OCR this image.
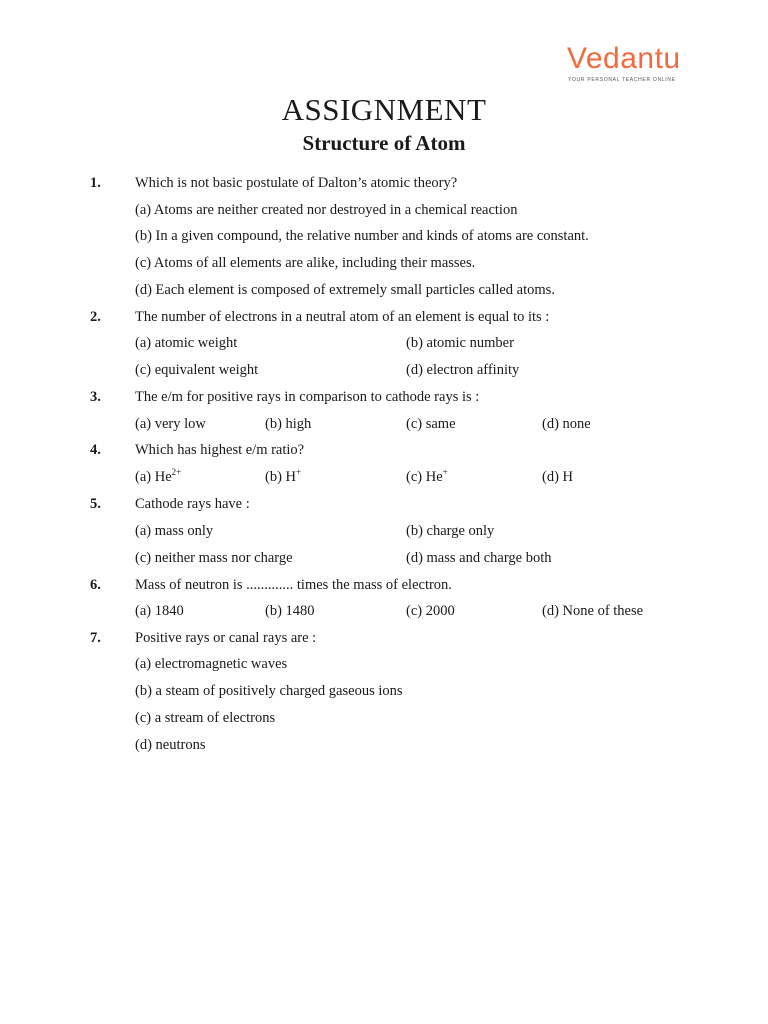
Vedantu
YOUR PERSONAL TEACHER ONLINE
ASSIGNMENT
Structure of Atom
1. Which is not basic postulate of Dalton’s atomic theory?
(a) Atoms are neither created nor destroyed in a chemical reaction
(b) In a given compound, the relative number and kinds of atoms are constant.
(c) Atoms of all elements are alike, including their masses.
(d) Each element is composed of extremely small particles called atoms.
2. The number of electrons in a neutral atom of an element is equal to its :
(a) atomic weight	(b) atomic number
(c) equivalent weight	(d) electron affinity
3. The e/m for positive rays in comparison to cathode rays is :
(a) very low	(b) high	(c) same	(d) none
4. Which has highest e/m ratio?
(a) $He^{2+}$	(b) H+	(c) He+	(d) H
5. Cathode rays have :
(a) mass only	(b) charge only
(c) neither mass nor charge	(d) mass and charge both
6. Mass of neutron is ............. times the mass of electron.
(a) 1840	(b) 1480	(c) 2000	(d) None of these
7. Positive rays or canal rays are :
(a) electromagnetic waves
(b) a steam of positively charged gaseous ions
(c) a stream of electrons
(d) neutrons
